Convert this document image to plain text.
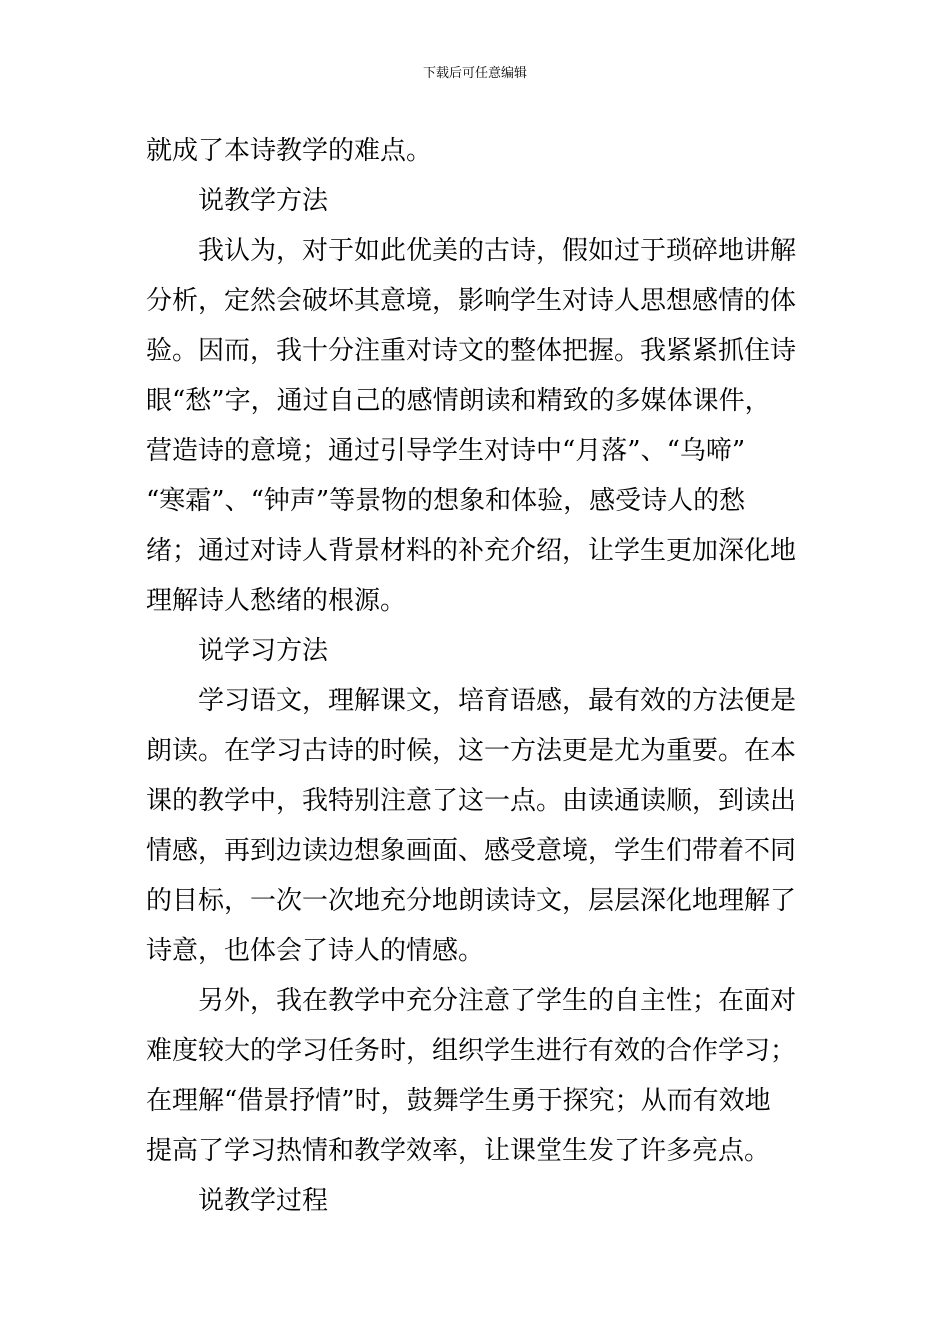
下载后可任意编辑
就成了本诗教学的难点。
说教学方法
我认为，对于如此优美的古诗，假如过于琐碎地讲解
分析，定然会破坏其意境，影响学生对诗人思想感情的体
验。因而，我十分注重对诗文的整体把握。我紧紧抓住诗
眼“愁”字，通过自己的感情朗读和精致的多媒体课件，
营造诗的意境；通过引导学生对诗中“月落”、“乌啼”
“寒霜”、“钟声”等景物的想象和体验，感受诗人的愁
绪；通过对诗人背景材料的补充介绍，让学生更加深化地
理解诗人愁绪的根源。
说学习方法
学习语文，理解课文，培育语感，最有效的方法便是
朗读。在学习古诗的时候，这一方法更是尤为重要。在本
课的教学中，我特别注意了这一点。由读通读顺，到读出
情感，再到边读边想象画面、感受意境，学生们带着不同
的目标，一次一次地充分地朗读诗文，层层深化地理解了
诗意，也体会了诗人的情感。
另外，我在教学中充分注意了学生的自主性；在面对
难度较大的学习任务时，组织学生进行有效的合作学习；
在理解“借景抒情”时，鼓舞学生勇于探究；从而有效地
提高了学习热情和教学效率，让课堂生发了许多亮点。
说教学过程
